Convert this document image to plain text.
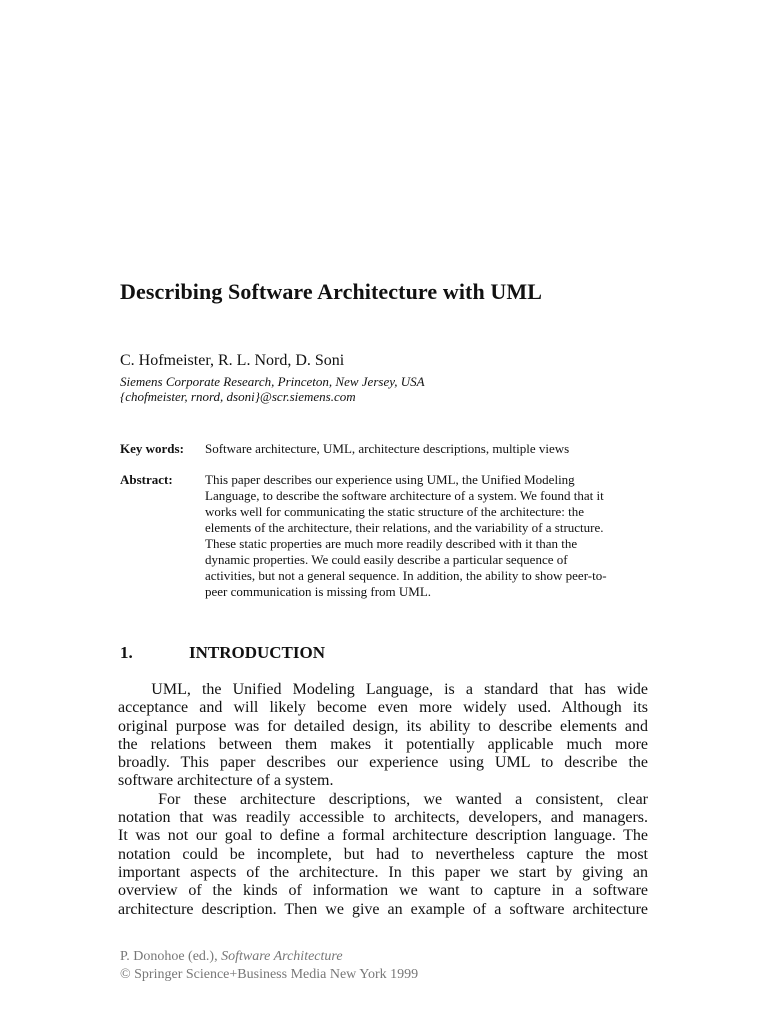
Describing Software Architecture with UML
C. Hofmeister, R. L. Nord, D. Soni
Siemens Corporate Research, Princeton, New Jersey, USA
{chofmeister, rnord, dsoni}@scr.siemens.com
Key words: Software architecture, UML, architecture descriptions, multiple views
Abstract: This paper describes our experience using UML, the Unified Modeling
Language, to describe the software architecture of a system. We found that it
works well for communicating the static structure of the architecture: the
elements of the architecture, their relations, and the variability of a structure.
These static properties are much more readily described with it than the
dynamic properties. We could easily describe a particular sequence of
activities, but not a general sequence. In addition, the ability to show peer-to-
peer communication is missing from UML.
1.	INTRODUCTION
UML, the Unified Modeling Language, is a standard that has wide
acceptance and will likely become even more widely used. Although its
original purpose was for detailed design, its ability to describe elements and
the relations between them makes it potentially applicable much more
broadly. This paper describes our experience using UML to describe the
software architecture of a system.
For these architecture descriptions, we wanted a consistent, clear
notation that was readily accessible to architects, developers, and managers.
It was not our goal to define a formal architecture description language. The
notation could be incomplete, but had to nevertheless capture the most
important aspects of the architecture. In this paper we start by giving an
overview of the kinds of information we want to capture in a software
architecture description. Then we give an example of a software architecture
P. Donohoe (ed.), Software Architecture
© Springer Science+Business Media New York 1999
